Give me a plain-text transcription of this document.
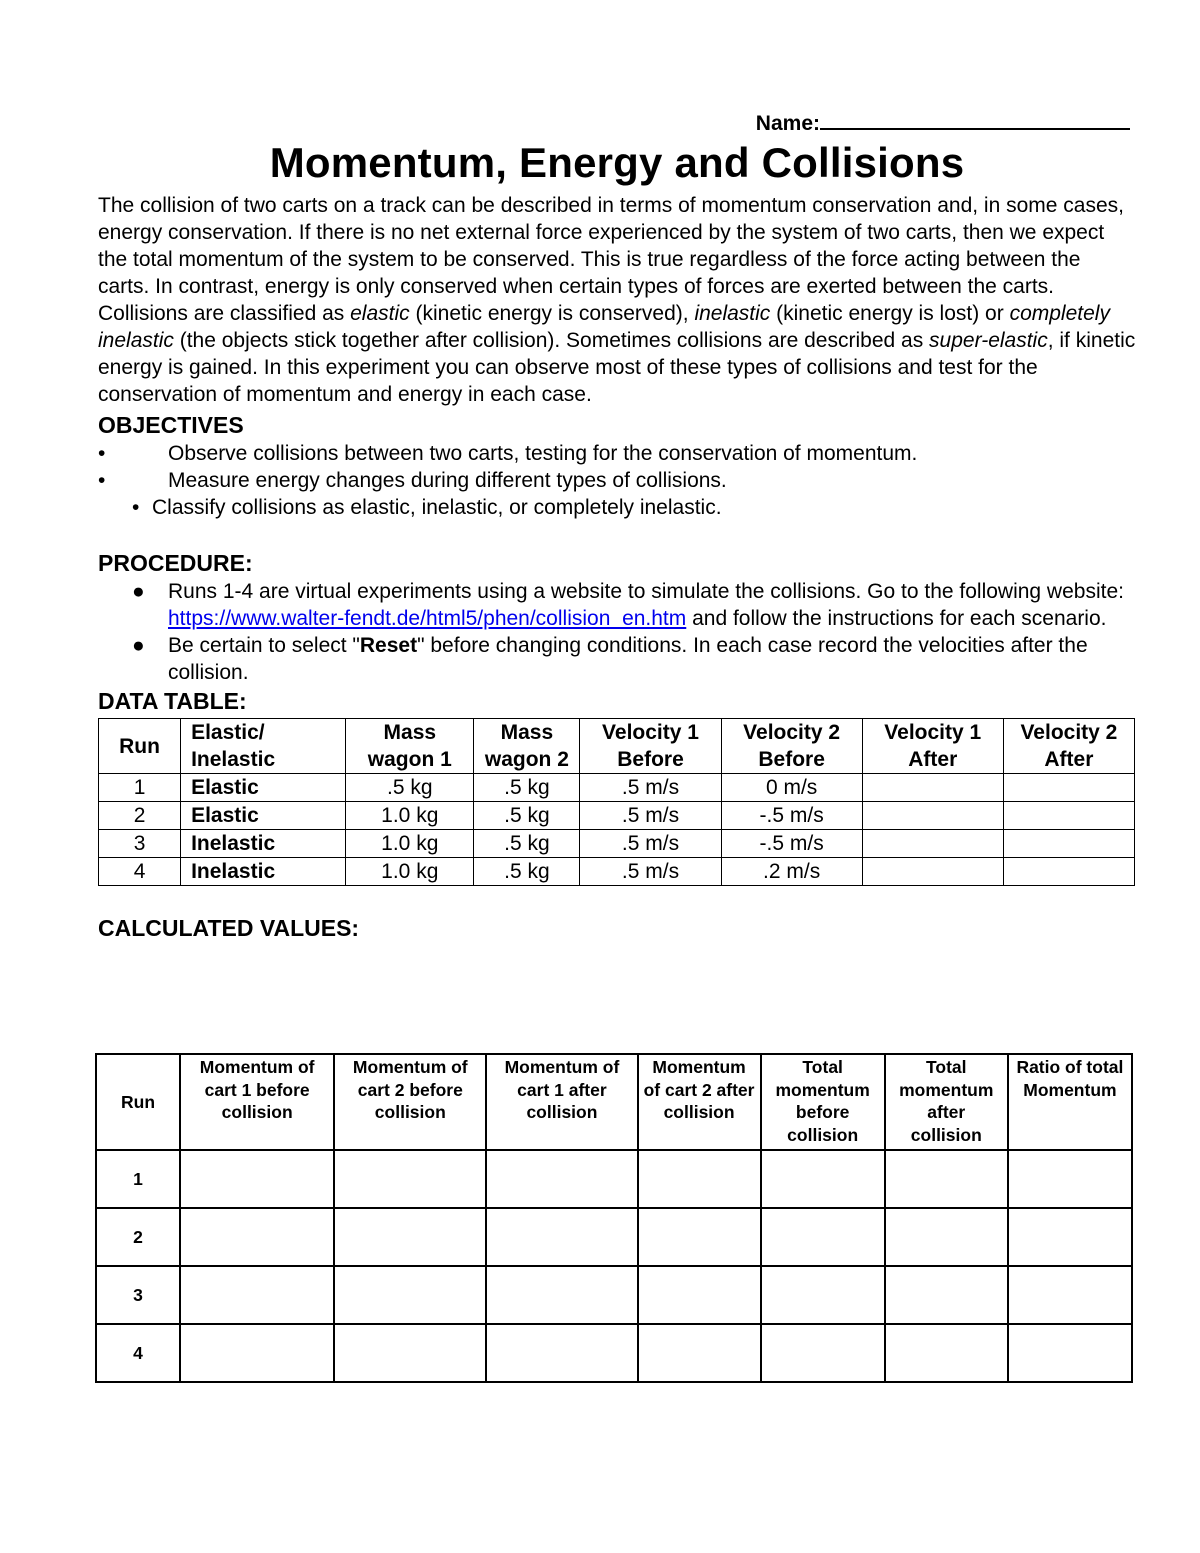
Name:
Momentum, Energy and Collisions

The collision of two carts on a track can be described in terms of momentum conservation and, in some cases, energy conservation. If there is no net external force experienced by the system of two carts, then we expect the total momentum of the system to be conserved. This is true regardless of the force acting between the carts. In contrast, energy is only conserved when certain types of forces are exerted between the carts.

Collisions are classified as elastic (kinetic energy is conserved), inelastic (kinetic energy is lost) or completely inelastic (the objects stick together after collision). Sometimes collisions are described as super-elastic, if kinetic energy is gained. In this experiment you can observe most of these types of collisions and test for the conservation of momentum and energy in each case.

OBJECTIVES
•	Observe collisions between two carts, testing for the conservation of momentum.
•	Measure energy changes during different types of collisions.
• Classify collisions as elastic, inelastic, or completely inelastic.
PROCEDURE:
● Runs 1-4 are virtual experiments using a website to simulate the collisions. Go to the following website: https://www.walter-fendt.de/html5/phen/collision_en.htm and follow the instructions for each scenario.
● Be certain to select "Reset" before changing conditions. In each case record the velocities after the collision.
DATA TABLE:
Run	Elastic/ Inelastic	Mass wagon 1	Mass wagon 2	Velocity 1 Before	Velocity 2 Before	Velocity 1 After	Velocity 2 After
1	Elastic	.5 kg	.5 kg	.5 m/s	0 m/s		
2	Elastic	1.0 kg	.5 kg	.5 m/s	-.5 m/s		
3	Inelastic	1.0 kg	.5 kg	.5 m/s	-.5 m/s		
4	Inelastic	1.0 kg	.5 kg	.5 m/s	.2 m/s		
CALCULATED VALUES:
Run	Momentum of cart 1 before collision	Momentum of cart 2 before collision	Momentum of cart 1 after collision	Momentum of cart 2 after collision	Total momentum before collision	Total momentum after collision	Ratio of total Momentum
1							
2							
3							
4							
